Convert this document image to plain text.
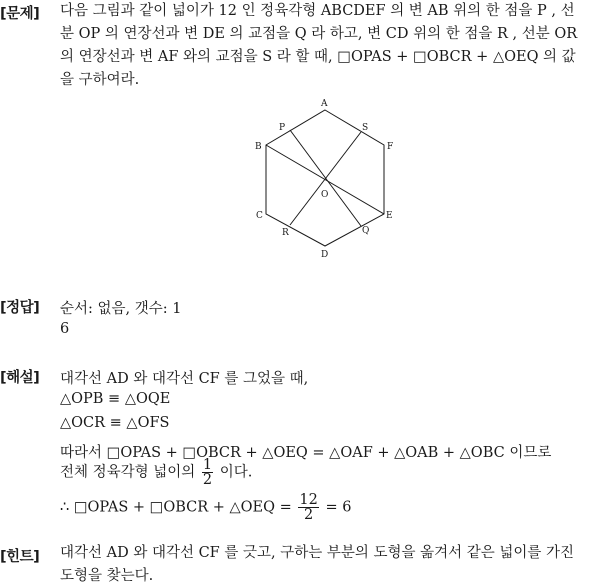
[문제] 다음 그림과 같이 넓이가 12 인 정육각형 ABCDEF 의 변 AB 위의 한 점을 P , 선분 OP 의 연장선과 변 DE 의 교점을 Q 라 하고, 변 CD 위의 한 점을 R , 선분 OR 의 연장선과 변 AF 와의 교점을 S 라 할 때, □OPAS + □OBCR + △OEQ 의 값을 구하여라.
A
P	S
B	F
O
C	E
R	Q
D
[정답] 순서: 없음, 갯수: 1
6
[해설] 대각선 AD 와 대각선 CF 를 그었을 때,
△OPB ≡ △OQE
△OCR ≡ △OFS
따라서 □OPAS + □OBCR + △OEQ = △OAF + △OAB + △OBC 이므로
전체 정육각형 넓이의 $\frac{1}{2}$ 이다.
∴ □OPAS + □OBCR + △OEQ = $\frac{12}{2} = 6$
[힌트] 대각선 AD 와 대각선 CF 를 긋고, 구하는 부분의 도형을 옮겨서 같은 넓이를 가진 도형을 찾는다.
